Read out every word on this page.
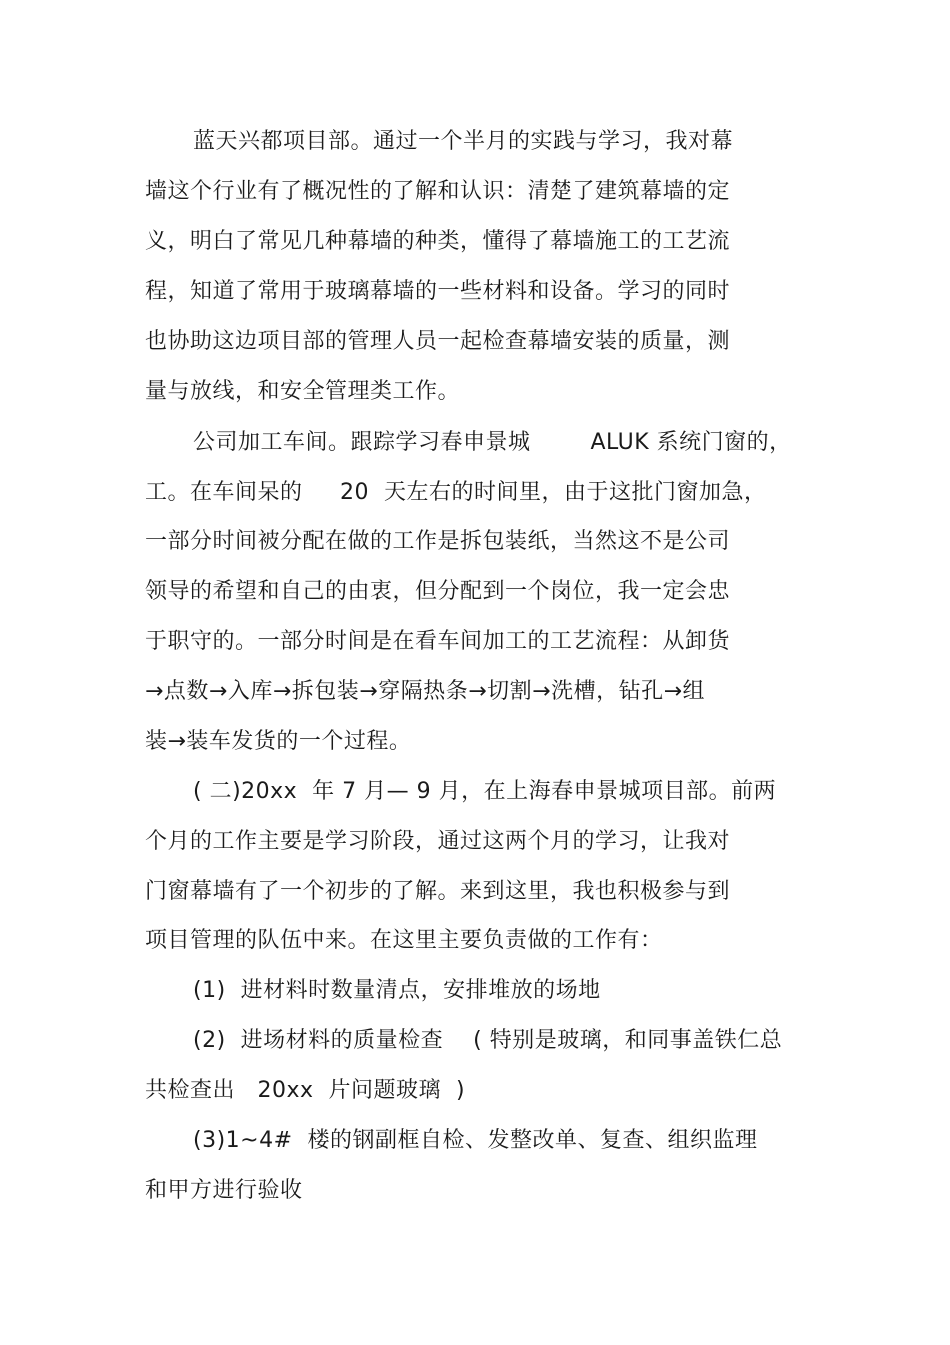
蓝天兴都项目部。通过一个半月的实践与学习，我对幕
墙这个行业有了概况性的了解和认识：清楚了建筑幕墙的定
义，明白了常见几种幕墙的种类，懂得了幕墙施工的工艺流
程，知道了常用于玻璃幕墙的一些材料和设备。学习的同时
也协助这边项目部的管理人员一起检查幕墙安装的质量，测
量与放线，和安全管理类工作。
公司加工车间。跟踪学习春申景城        ALUK 系统门窗的，
工。在车间呆的     20  天左右的时间里，由于这批门窗加急，
一部分时间被分配在做的工作是拆包装纸，当然这不是公司
领导的希望和自己的由衷，但分配到一个岗位，我一定会忠
于职守的。一部分时间是在看车间加工的工艺流程：从卸货
→点数→入库→拆包装→穿隔热条→切割→洗槽，钻孔→组
装→装车发货的一个过程。
( 二)20xx  年 7 月— 9 月，在上海春申景城项目部。前两
个月的工作主要是学习阶段，通过这两个月的学习，让我对
门窗幕墙有了一个初步的了解。来到这里，我也积极参与到
项目管理的队伍中来。在这里主要负责做的工作有：
(1)  进材料时数量清点，安排堆放的场地
(2)  进场材料的质量检查    ( 特别是玻璃，和同事盖铁仁总
共检查出   20xx  片问题玻璃  )
(3)1~4#  楼的钢副框自检、发整改单、复查、组织监理
和甲方进行验收
